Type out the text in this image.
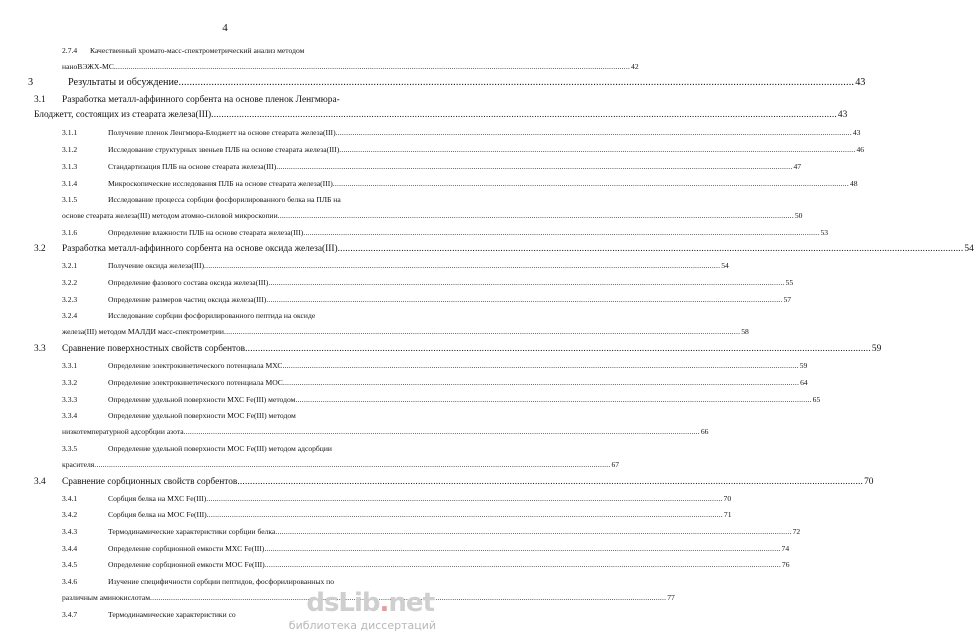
4
2.7.4	Качественный хромато-масс-спектрометрический анализ методом
наноВЭЖХ-МС .....	42
3	Результаты и обсуждение .....	43
3.1	Разработка металл-аффинного сорбента на основе пленок Ленгмюра-
Блоджетт, состоящих из стеарата железа(III) .....	43
3.1.1	Получение пленок Ленгмюра-Блоджетт на основе стеарата железа(III) .....	43
3.1.2	Исследование структурных звеньев ПЛБ на основе стеарата железа(III) .....	46
3.1.3	Стандартизация ПЛБ на основе стеарата железа(III) .....	47
3.1.4	Микроскопические исследования ПЛБ на основе стеарата железа(III) .....	48
3.1.5	Исследование процесса сорбции фосфорилированного белка на ПЛБ на
основе стеарата железа(III) методом атомно-силовой микроскопии .....	50
3.1.6	Определение влажности ПЛБ на основе стеарата железа(III) .....	53
3.2	Разработка металл-аффинного сорбента на основе оксида железа(III) .....	54
3.2.1	Получение оксида железа(III) .....	54
3.2.2	Определение фазового состава оксида железа(III) .....	55
3.2.3	Определение размеров частиц оксида железа(III) .....	57
3.2.4	Исследование сорбции фосфорилированного пептида на оксиде
железа(III) методом МАЛДИ масс-спектрометрии .....	58
3.3	Сравнение поверхностных свойств сорбентов .....	59
3.3.1	Определение электрокинетического потенциала МХС .....	59
3.3.2	Определение электрокинетического потенциала МОС .....	64
3.3.3	Определение удельной поверхности МХС Fe(III) методом .....	65
3.3.4	Определение удельной поверхности МОС Fe(III) методом
низкотемпературной адсорбции азота .....	66
3.3.5	Определение удельной поверхности МОС Fe(III) методом адсорбции
красителя .....	67
3.4	Сравнение сорбционных свойств сорбентов .....	70
3.4.1	Сорбция белка на МХС Fe(III) .....	70
3.4.2	Сорбция белка на МОС Fe(III) .....	71
3.4.3	Термодинамические характеристики сорбции белка .....	72
3.4.4	Определение сорбционной емкости МХС Fe(III) .....	74
3.4.5	Определение сорбционной емкости МОС Fe(III) .....	76
3.4.6	Изучение специфичности сорбции пептидов, фосфорилированных по
различным аминокислотам .....	77
3.4.7	Термодинамические характеристики со	dsLib.net
библиотека диссертаций
